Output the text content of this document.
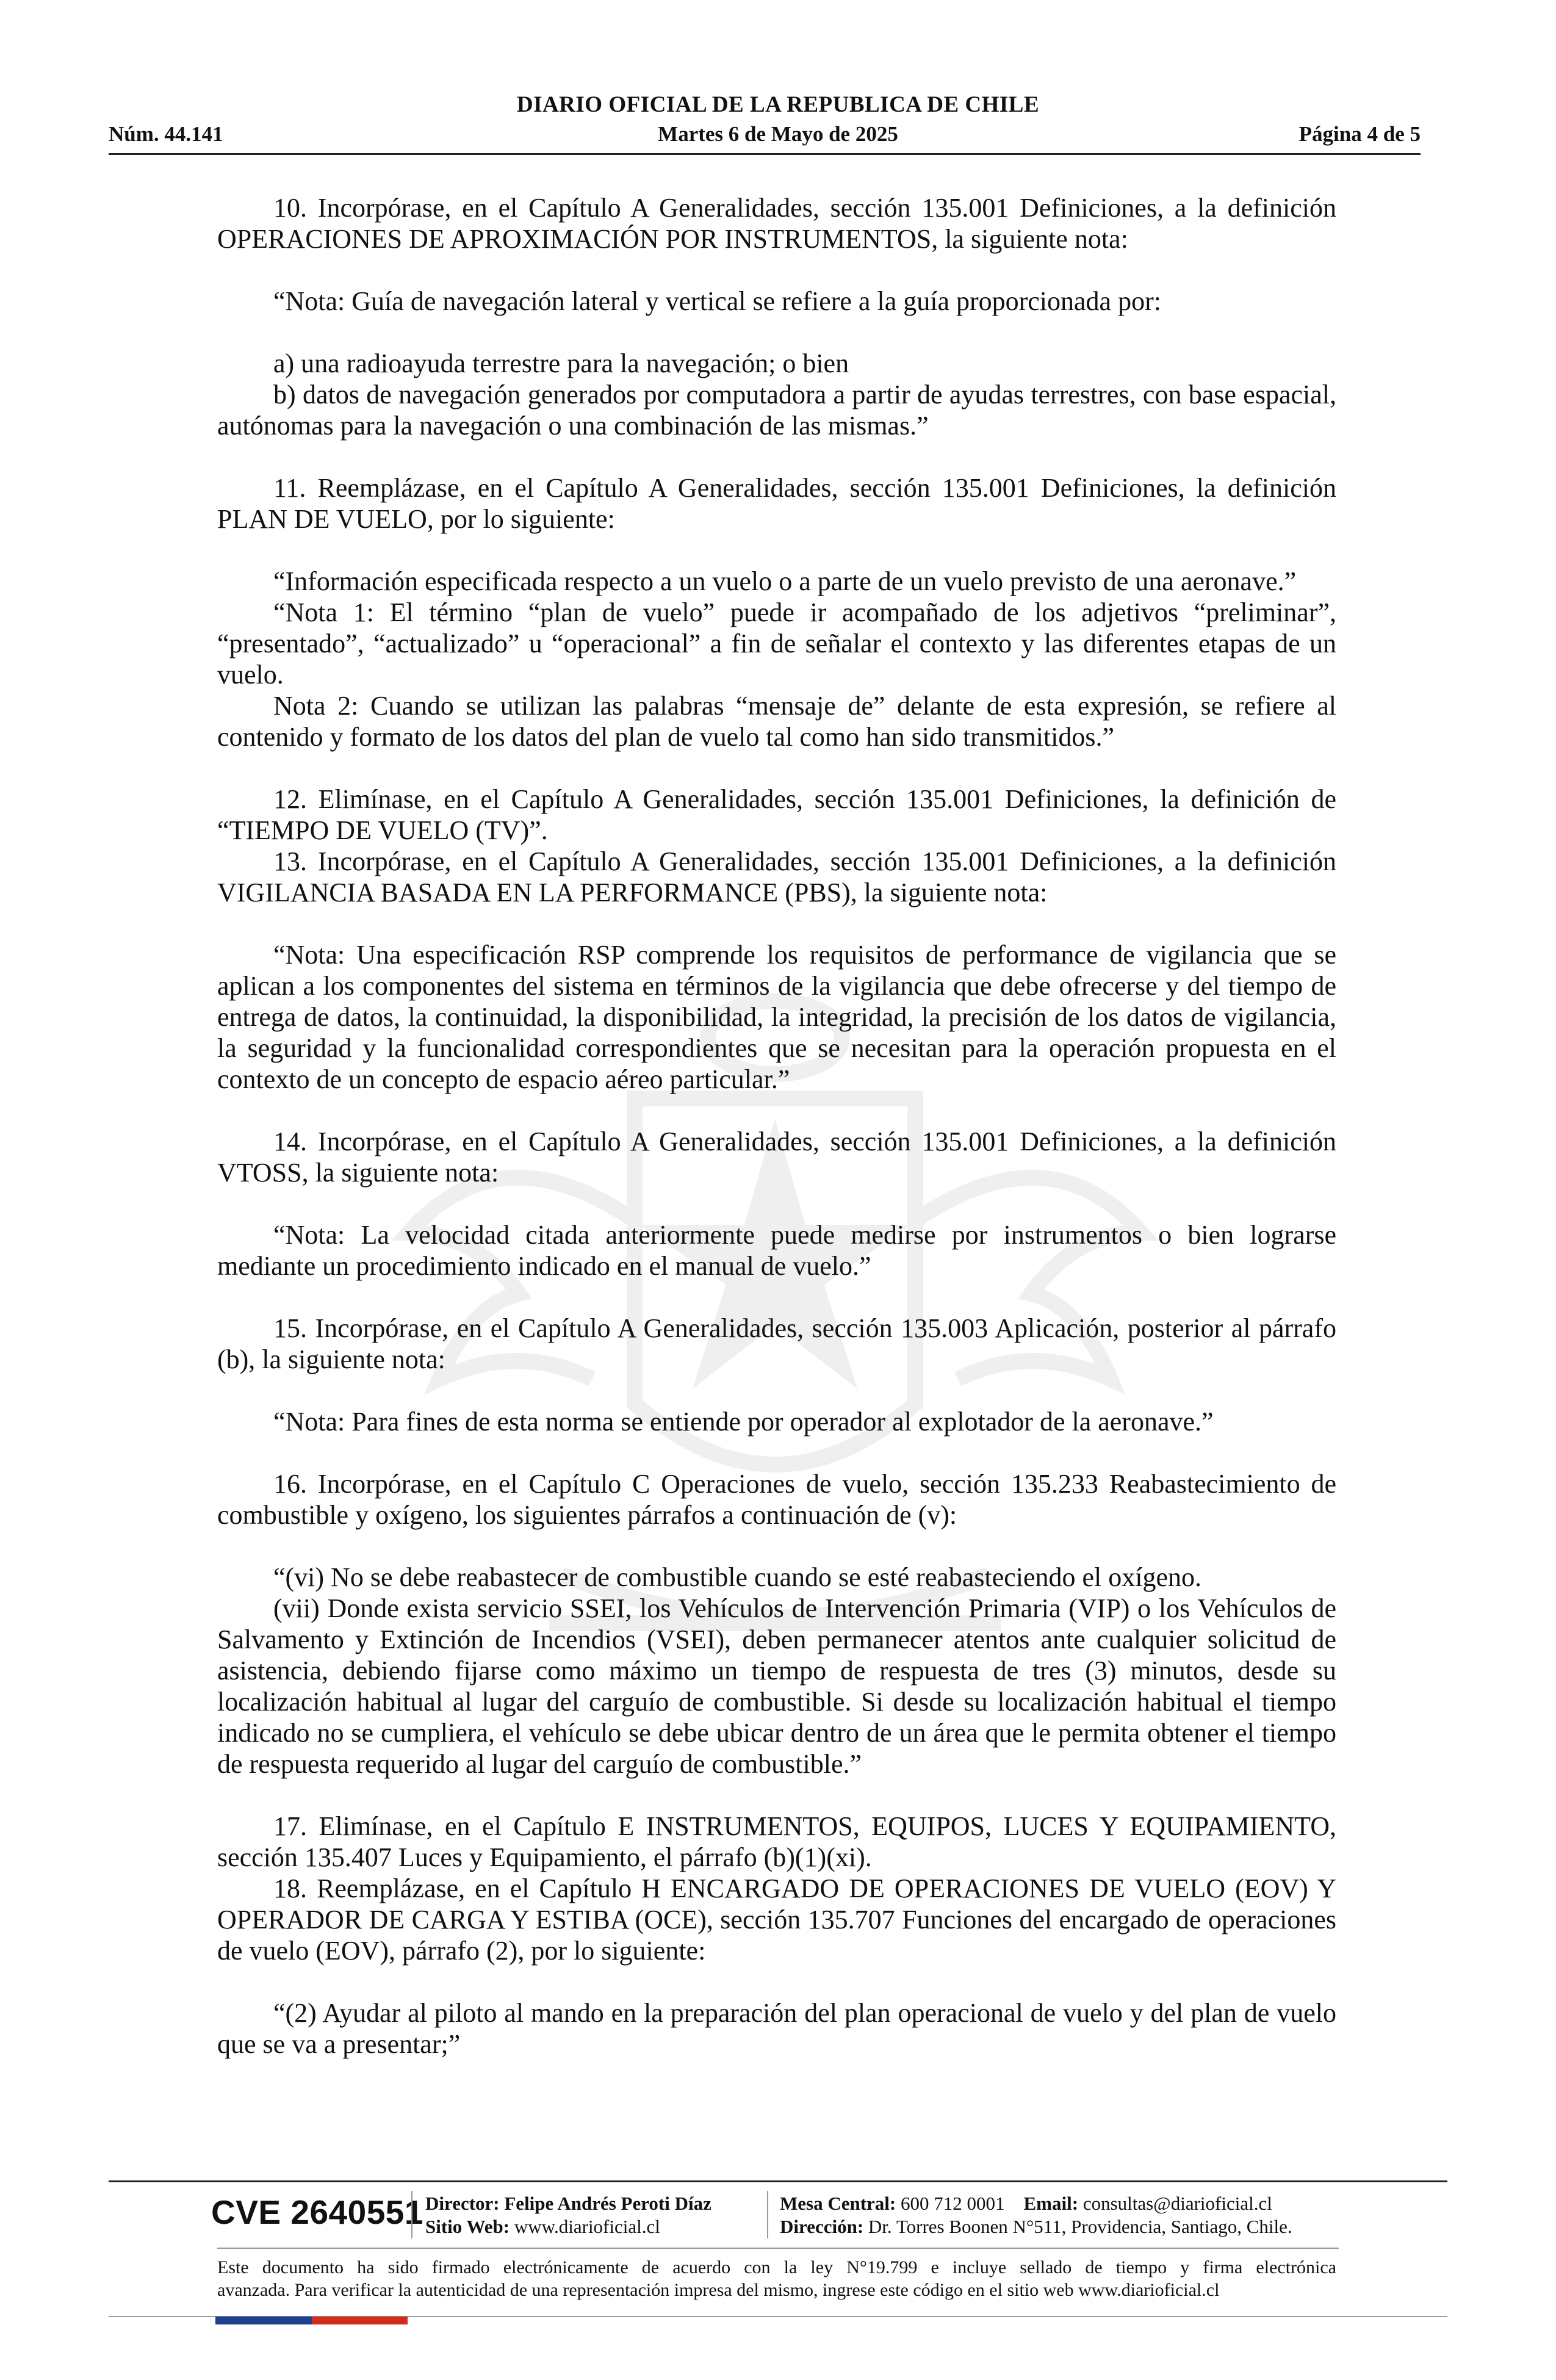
DIARIO OFICIAL DE LA REPUBLICA DE CHILE
Núm. 44.141	Martes 6 de Mayo de 2025	Página 4 de 5

10. Incorpórase, en el Capítulo A Generalidades, sección 135.001 Definiciones, a la definición OPERACIONES DE APROXIMACIÓN POR INSTRUMENTOS, la siguiente nota:

“Nota: Guía de navegación lateral y vertical se refiere a la guía proporcionada por:

a) una radioayuda terrestre para la navegación; o bien

b) datos de navegación generados por computadora a partir de ayudas terrestres, con base espacial, autónomas para la navegación o una combinación de las mismas.”

11. Reemplázase, en el Capítulo A Generalidades, sección 135.001 Definiciones, la definición PLAN DE VUELO, por lo siguiente:

“Información especificada respecto a un vuelo o a parte de un vuelo previsto de una aeronave.”

“Nota 1: El término “plan de vuelo” puede ir acompañado de los adjetivos “preliminar”, “presentado”, “actualizado” u “operacional” a fin de señalar el contexto y las diferentes etapas de un vuelo.

Nota 2: Cuando se utilizan las palabras “mensaje de” delante de esta expresión, se refiere al contenido y formato de los datos del plan de vuelo tal como han sido transmitidos.”

12. Elimínase, en el Capítulo A Generalidades, sección 135.001 Definiciones, la definición de “TIEMPO DE VUELO (TV)”.

13. Incorpórase, en el Capítulo A Generalidades, sección 135.001 Definiciones, a la definición VIGILANCIA BASADA EN LA PERFORMANCE (PBS), la siguiente nota:

“Nota: Una especificación RSP comprende los requisitos de performance de vigilancia que se aplican a los componentes del sistema en términos de la vigilancia que debe ofrecerse y del tiempo de entrega de datos, la continuidad, la disponibilidad, la integridad, la precisión de los datos de vigilancia, la seguridad y la funcionalidad correspondientes que se necesitan para la operación propuesta en el contexto de un concepto de espacio aéreo particular.”

14. Incorpórase, en el Capítulo A Generalidades, sección 135.001 Definiciones, a la definición VTOSS, la siguiente nota:

“Nota: La velocidad citada anteriormente puede medirse por instrumentos o bien lograrse mediante un procedimiento indicado en el manual de vuelo.”

15. Incorpórase, en el Capítulo A Generalidades, sección 135.003 Aplicación, posterior al párrafo (b), la siguiente nota:

“Nota: Para fines de esta norma se entiende por operador al explotador de la aeronave.”

16. Incorpórase, en el Capítulo C Operaciones de vuelo, sección 135.233 Reabastecimiento de combustible y oxígeno, los siguientes párrafos a continuación de (v):

“(vi) No se debe reabastecer de combustible cuando se esté reabasteciendo el oxígeno.

(vii) Donde exista servicio SSEI, los Vehículos de Intervención Primaria (VIP) o los Vehículos de Salvamento y Extinción de Incendios (VSEI), deben permanecer atentos ante cualquier solicitud de asistencia, debiendo fijarse como máximo un tiempo de respuesta de tres (3) minutos, desde su localización habitual al lugar del carguío de combustible. Si desde su localización habitual el tiempo indicado no se cumpliera, el vehículo se debe ubicar dentro de un área que le permita obtener el tiempo de respuesta requerido al lugar del carguío de combustible.”

17. Elimínase, en el Capítulo E INSTRUMENTOS, EQUIPOS, LUCES Y EQUIPAMIENTO, sección 135.407 Luces y Equipamiento, el párrafo (b)(1)(xi).

18. Reemplázase, en el Capítulo H ENCARGADO DE OPERACIONES DE VUELO (EOV) Y OPERADOR DE CARGA Y ESTIBA (OCE), sección 135.707 Funciones del encargado de operaciones de vuelo (EOV), párrafo (2), por lo siguiente:

“(2) Ayudar al piloto al mando en la preparación del plan operacional de vuelo y del plan de vuelo que se va a presentar;”

CVE 2640551 Director: Felipe Andrés Peroti Díaz
Sitio Web: www.diarioficial.cl
Mesa Central: 600 712 0001 Email: consultas@diarioficial.cl
Dirección: Dr. Torres Boonen N°511, Providencia, Santiago, Chile.
Este documento ha sido firmado electrónicamente de acuerdo con la ley N°19.799 e incluye sellado de tiempo y firma electrónica
avanzada. Para verificar la autenticidad de una representación impresa del mismo, ingrese este código en el sitio web www.diarioficial.cl
